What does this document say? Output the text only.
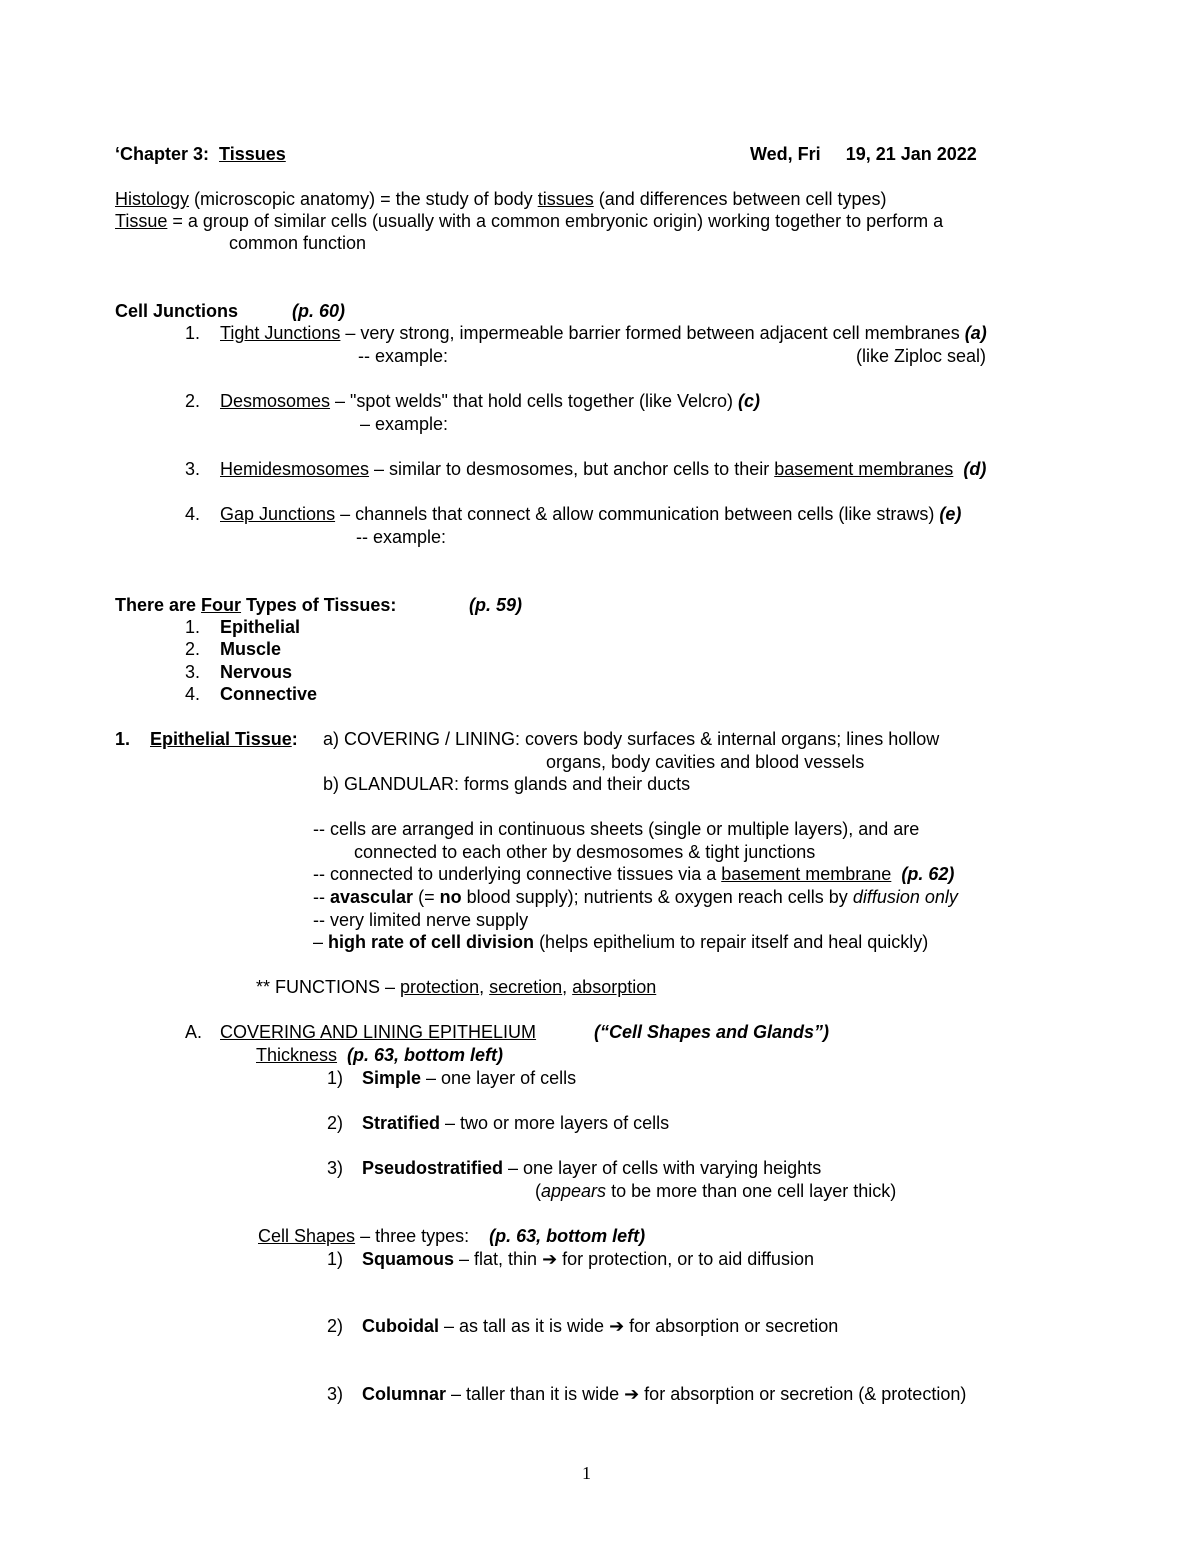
‘Chapter 3: Tissues	Wed, Fri 19, 21 Jan 2022
Histology (microscopic anatomy) = the study of body tissues (and differences between cell types)
Tissue = a group of similar cells (usually with a common embryonic origin) working together to perform a
common function
Cell Junctions	(p. 60)
1. Tight Junctions – very strong, impermeable barrier formed between adjacent cell membranes (a)
-- example:	(like Ziploc seal)
2. Desmosomes – "spot welds" that hold cells together (like Velcro) (c)
– example:
3. Hemidesmosomes – similar to desmosomes, but anchor cells to their basement membranes (d)
4. Gap Junctions – channels that connect & allow communication between cells (like straws) (e)
-- example:
There are Four Types of Tissues:	(p. 59)
1. Epithelial
2. Muscle
3. Nervous
4. Connective
1. Epithelial Tissue: a) COVERING / LINING: covers body surfaces & internal organs; lines hollow
organs, body cavities and blood vessels
b) GLANDULAR: forms glands and their ducts
-- cells are arranged in continuous sheets (single or multiple layers), and are
connected to each other by desmosomes & tight junctions
-- connected to underlying connective tissues via a basement membrane (p. 62)
-- avascular (= no blood supply); nutrients & oxygen reach cells by diffusion only
-- very limited nerve supply
– high rate of cell division (helps epithelium to repair itself and heal quickly)
** FUNCTIONS – protection, secretion, absorption
A. COVERING AND LINING EPITHELIUM	(“Cell Shapes and Glands”)
Thickness (p. 63, bottom left)
1) Simple – one layer of cells
2) Stratified – two or more layers of cells
3) Pseudostratified – one layer of cells with varying heights
(appears to be more than one cell layer thick)
Cell Shapes – three types: (p. 63, bottom left)
1) Squamous – flat, thin ➔ for protection, or to aid diffusion
2) Cuboidal – as tall as it is wide ➔ for absorption or secretion
3) Columnar – taller than it is wide ➔ for absorption or secretion (& protection)
1
